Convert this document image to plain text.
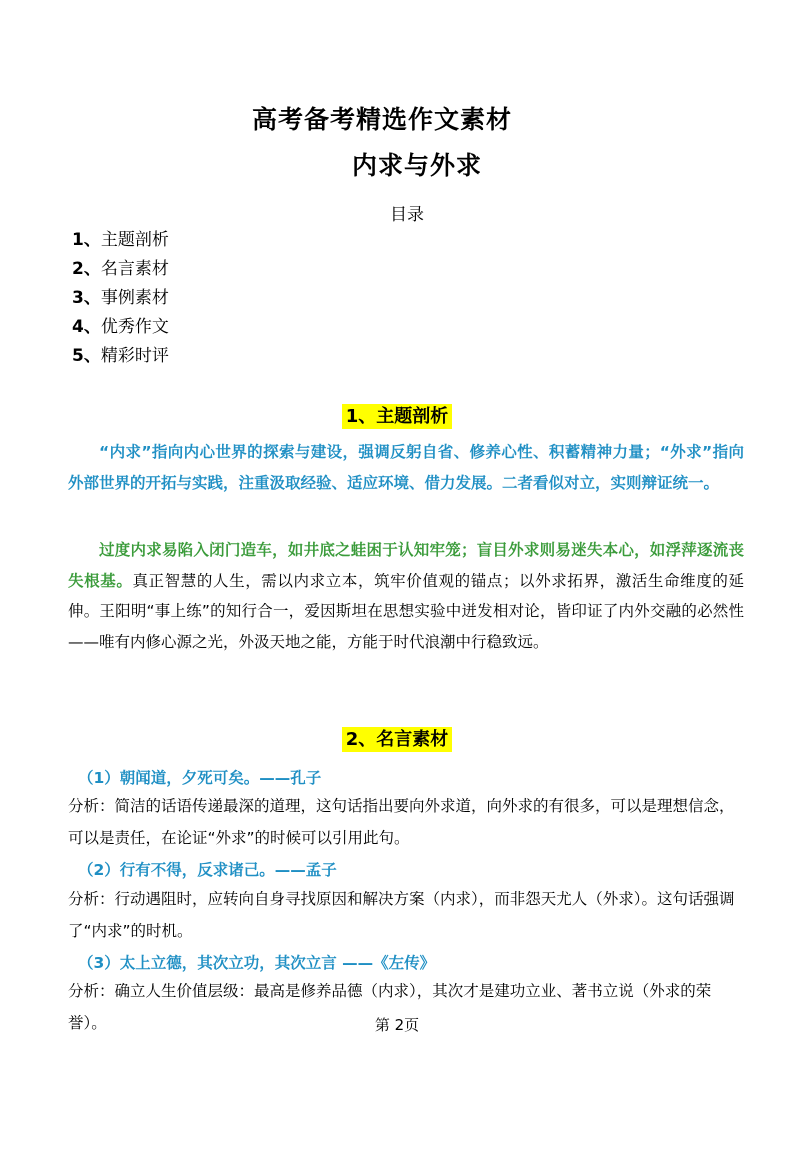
高考备考精选作文素材
内求与外求
目录
1、主题剖析
2、名言素材
3、事例素材
4、优秀作文
5、精彩时评
1、主题剖析

“内求”指向内心世界的探索与建设，强调反躬自省、修养心性、积蓄精神力量；“外求”指向外部世界的开拓与实践，注重汲取经验、适应环境、借力发展。二者看似对立，实则辩证统一。

过度内求易陷入闭门造车，如井底之蛙困于认知牢笼；盲目外求则易迷失本心，如浮萍逐流丧失根基。真正智慧的人生，需以内求立本，筑牢价值观的锚点；以外求拓界，激活生命维度的延伸。王阳明“事上练”的知行合一，爱因斯坦在思想实验中迸发相对论，皆印证了内外交融的必然性——唯有内修心源之光，外汲天地之能，方能于时代浪潮中行稳致远。

2、名言素材
（1）朝闻道，夕死可矣。——孔子

分析：简洁的话语传递最深的道理，这句话指出要向外求道，向外求的有很多，可以是理想信念，可以是责任，在论证“外求”的时候可以引用此句。

（2）行有不得，反求诸己。——孟子

分析：行动遇阻时，应转向自身寻找原因和解决方案（内求），而非怨天尤人（外求）。这句话强调了“内求”的时机。

（3）太上立德，其次立功，其次立言 ——《左传》

分析：确立人生价值层级：最高是修养品德（内求），其次才是建功立业、著书立说（外求的荣誉）。	第 2页
